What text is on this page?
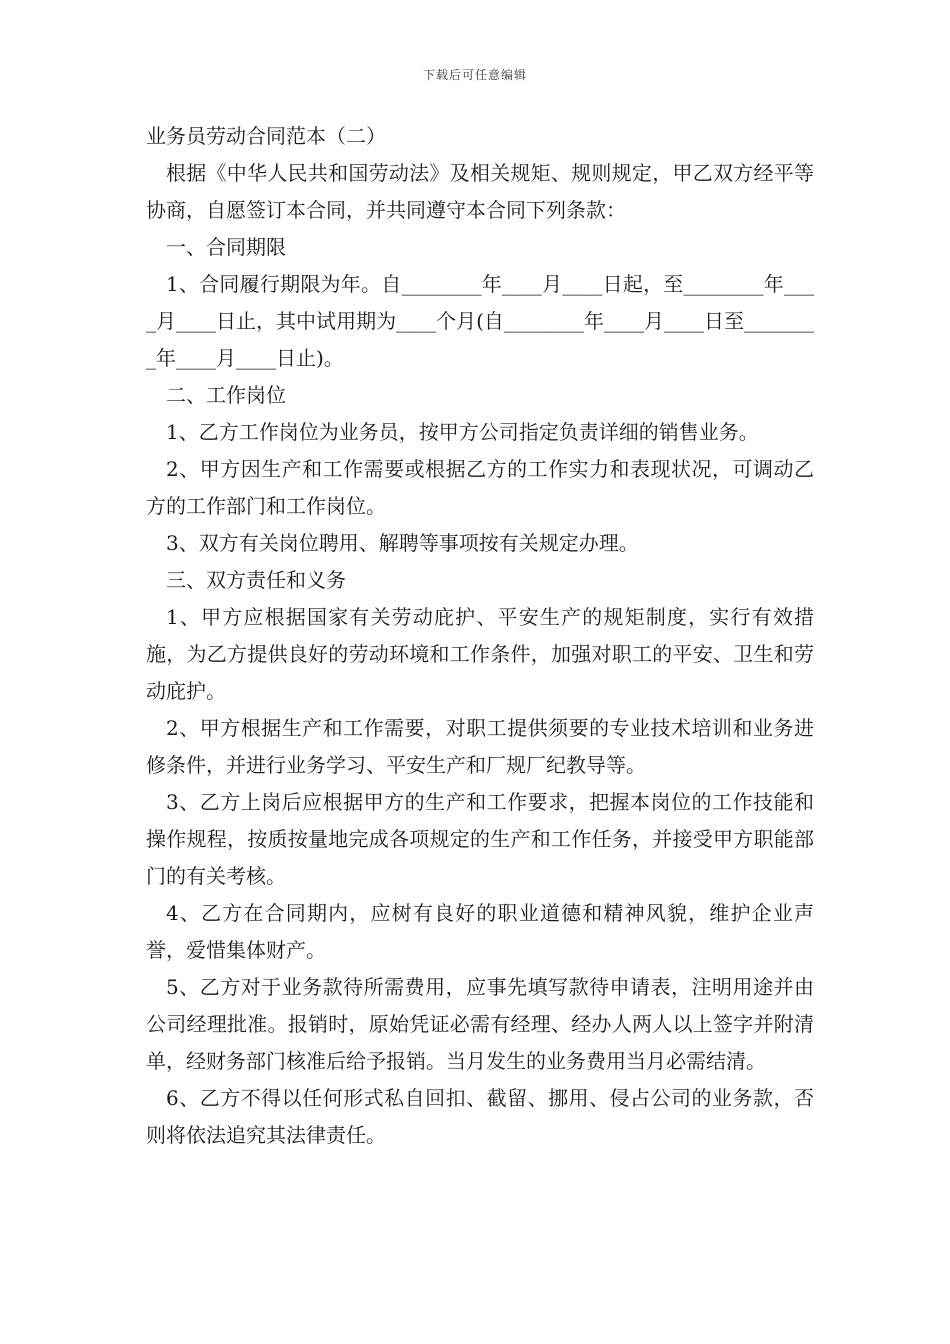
下载后可任意编辑

业务员劳动合同范本（二）

根据《中华人民共和国劳动法》及相关规矩、规则规定，甲乙双方经平等协商，自愿签订本合同，并共同遵守本合同下列条款：

一、合同期限

1、合同履行期限为年。自________年____月____日起，至________年____月____日止，其中试用期为____个月(自________年____月____日至________年____月____日止)。

二、工作岗位

1、乙方工作岗位为业务员，按甲方公司指定负责详细的销售业务。

2、甲方因生产和工作需要或根据乙方的工作实力和表现状况，可调动乙方的工作部门和工作岗位。

3、双方有关岗位聘用、解聘等事项按有关规定办理。

三、双方责任和义务

1、甲方应根据国家有关劳动庇护、平安生产的规矩制度，实行有效措施，为乙方提供良好的劳动环境和工作条件，加强对职工的平安、卫生和劳动庇护。

2、甲方根据生产和工作需要，对职工提供须要的专业技术培训和业务进修条件，并进行业务学习、平安生产和厂规厂纪教导等。

3、乙方上岗后应根据甲方的生产和工作要求，把握本岗位的工作技能和操作规程，按质按量地完成各项规定的生产和工作任务，并接受甲方职能部门的有关考核。

4、乙方在合同期内，应树有良好的职业道德和精神风貌，维护企业声誉，爱惜集体财产。

5、乙方对于业务款待所需费用，应事先填写款待申请表，注明用途并由公司经理批准。报销时，原始凭证必需有经理、经办人两人以上签字并附清单，经财务部门核准后给予报销。当月发生的业务费用当月必需结清。

6、乙方不得以任何形式私自回扣、截留、挪用、侵占公司的业务款，否则将依法追究其法律责任。
